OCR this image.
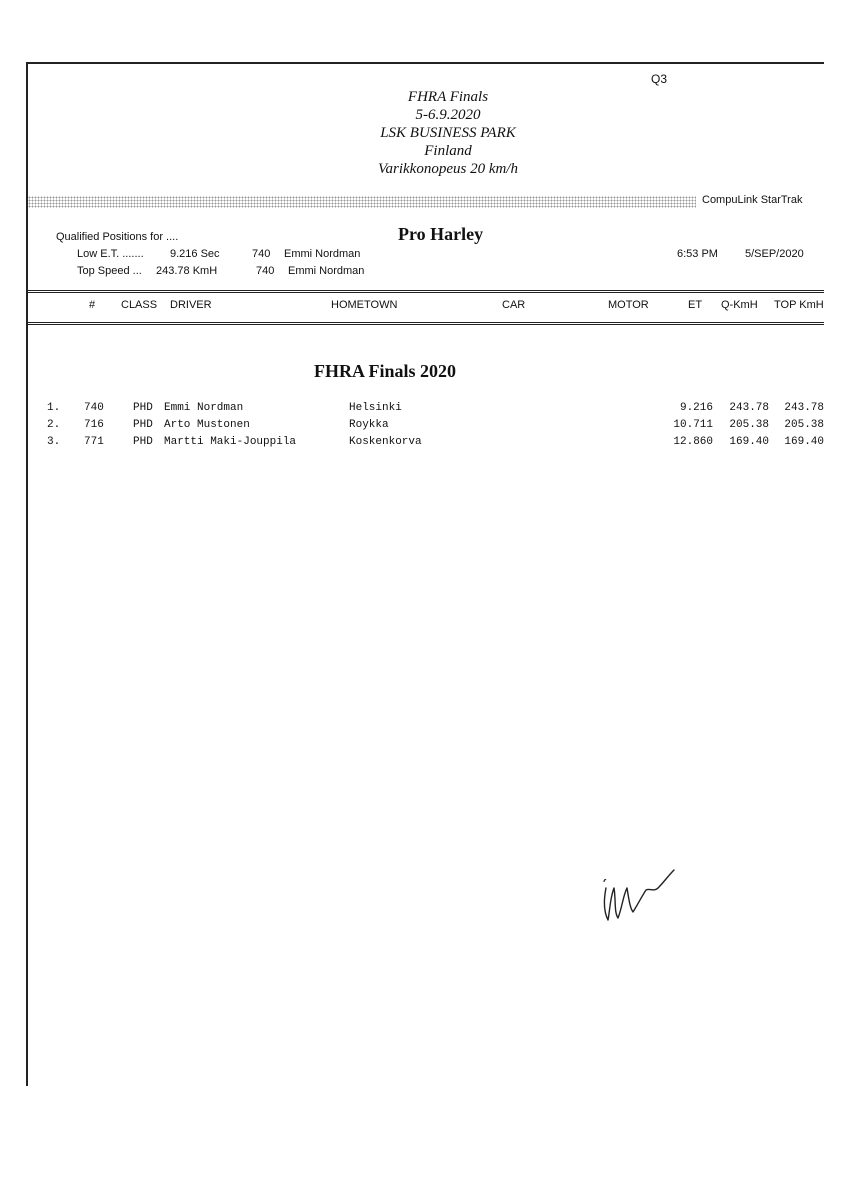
Q3
FHRA Finals
5-6.9.2020
LSK BUSINESS PARK
Finland
Varikkonopeus 20 km/h
CompuLink StarTrak
Qualified Positions for ....
Low E.T. ....... 9.216 Sec	740 Emmi Nordman
Top Speed ... 243.78 KmH	740 Emmi Nordman
Pro Harley
6:53 PM 5/SEP/2020
# CLASS DRIVER	HOMETOWN	CAR	MOTOR	ET Q-KmH TOP KmH
FHRA Finals 2020
1. 740	PHD Emmi Nordman	Helsinki	9.216	243.78	243.78
2. 716	PHD Arto Mustonen	Roykka	10.711	205.38	205.38
3. 771	PHD Martti Maki-Jouppila	Koskenkorva	12.860	169.40	169.40
